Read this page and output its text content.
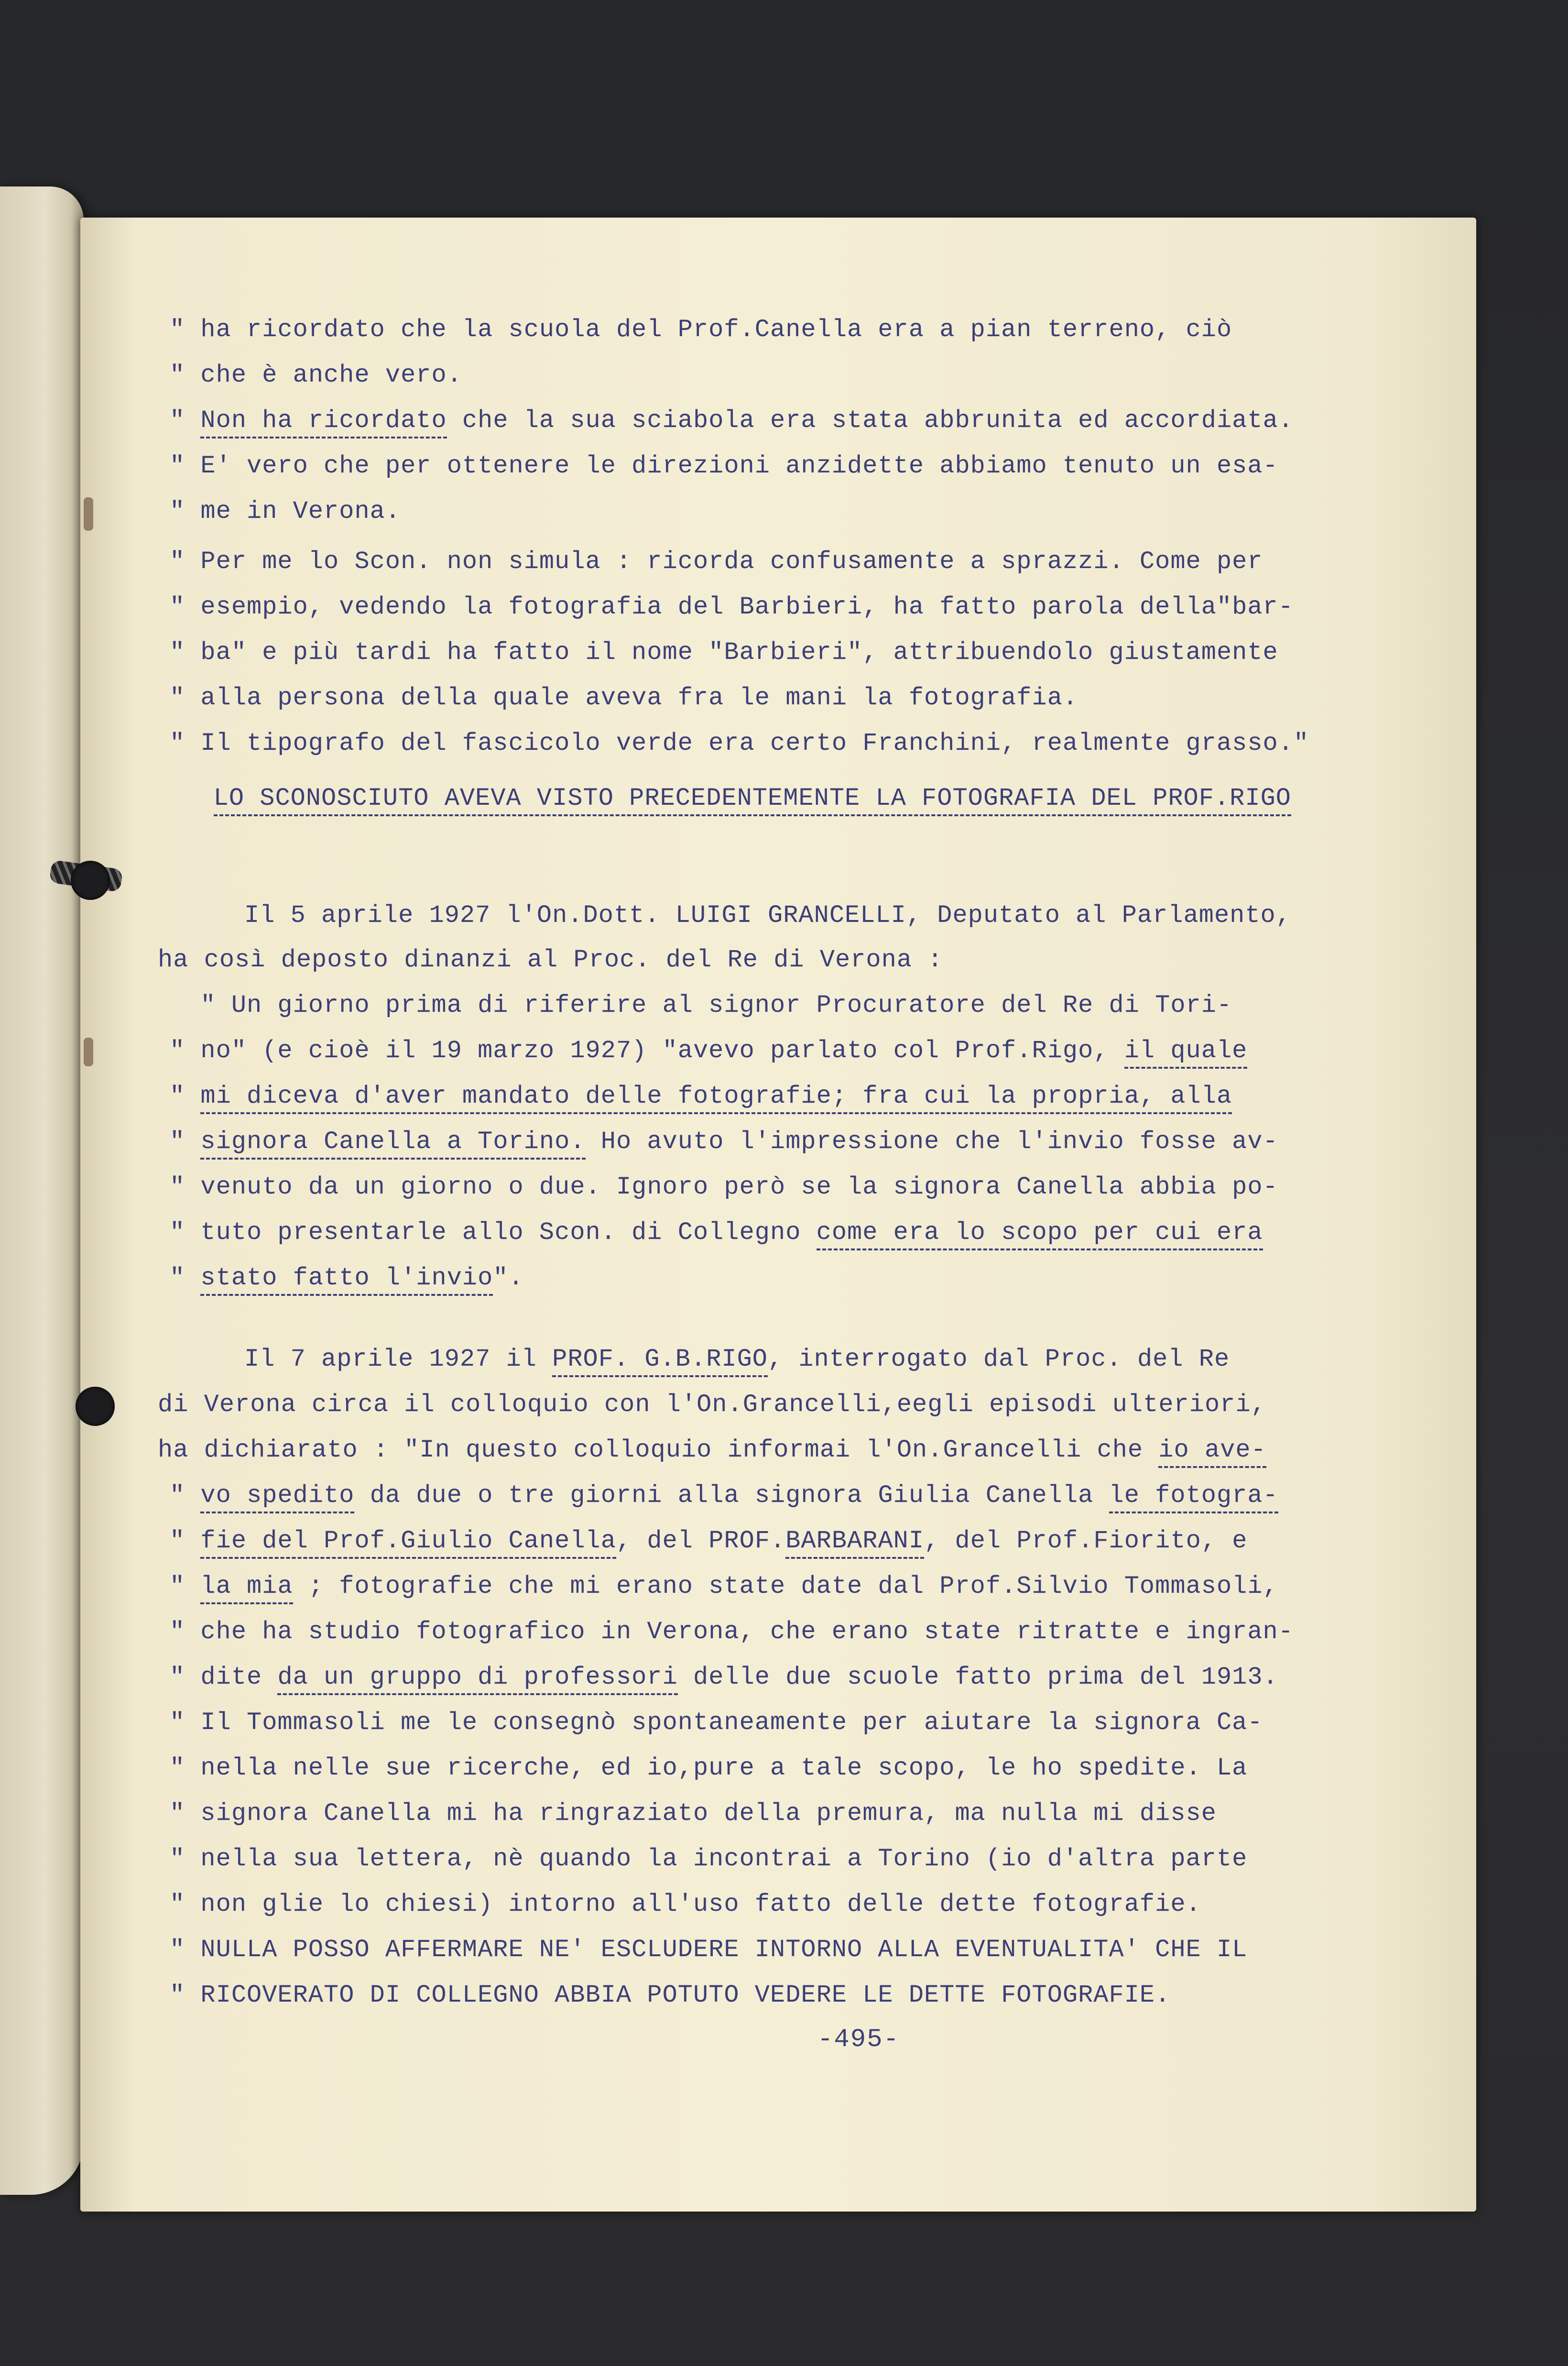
" ha ricordato che la scuola del Prof.Canella era a pian terreno, ciò
" che è anche vero.
" Non ha ricordato che la sua sciabola era stata abbrunita ed accordiata.
" E' vero che per ottenere le direzioni anzidette abbiamo tenuto un esa-
" me in Verona.
" Per me lo Scon. non simula : ricorda confusamente a sprazzi. Come per
" esempio, vedendo la fotografia del Barbieri, ha fatto parola della"bar-
" ba" e più tardi ha fatto il nome "Barbieri", attribuendolo giustamente
" alla persona della quale aveva fra le mani la fotografia.
" Il tipografo del fascicolo verde era certo Franchini, realmente grasso."
LO SCONOSCIUTO AVEVA VISTO PRECEDENTEMENTE LA FOTOGRAFIA DEL PROF.RIGO
Il 5 aprile 1927 l'On.Dott. LUIGI GRANCELLI, Deputato al Parlamento,
ha così deposto dinanzi al Proc. del Re di Verona :
" Un giorno prima di riferire al signor Procuratore del Re di Tori-
" no" (e cioè il 19 marzo 1927) "avevo parlato col Prof.Rigo, il quale
" mi diceva d'aver mandato delle fotografie; fra cui la propria, alla
" signora Canella a Torino. Ho avuto l'impressione che l'invio fosse av-
" venuto da un giorno o due. Ignoro però se la signora Canella abbia po-
" tuto presentarle allo Scon. di Collegno come era lo scopo per cui era
" stato fatto l'invio".
Il 7 aprile 1927 il PROF. G.B.RIGO, interrogato dal Proc. del Re
di Verona circa il colloquio con l'On.Grancelli,eegli episodi ulteriori,
ha dichiarato : "In questo colloquio informai l'On.Grancelli che io ave-
" vo spedito da due o tre giorni alla signora Giulia Canella le fotogra-
" fie del Prof.Giulio Canella, del PROF.BARBARANI, del Prof.Fiorito, e
" la mia ; fotografie che mi erano state date dal Prof.Silvio Tommasoli,
" che ha studio fotografico in Verona, che erano state ritratte e ingran-
" dite da un gruppo di professori delle due scuole fatto prima del 1913.
" Il Tommasoli me le consegnò spontaneamente per aiutare la signora Ca-
" nella nelle sue ricerche, ed io,pure a tale scopo, le ho spedite. La
" signora Canella mi ha ringraziato della premura, ma nulla mi disse
" nella sua lettera, nè quando la incontrai a Torino (io d'altra parte
" non glie lo chiesi) intorno all'uso fatto delle dette fotografie.
" NULLA POSSO AFFERMARE NE' ESCLUDERE INTORNO ALLA EVENTUALITA' CHE IL
" RICOVERATO DI COLLEGNO ABBIA POTUTO VEDERE LE DETTE FOTOGRAFIE.
-495-
